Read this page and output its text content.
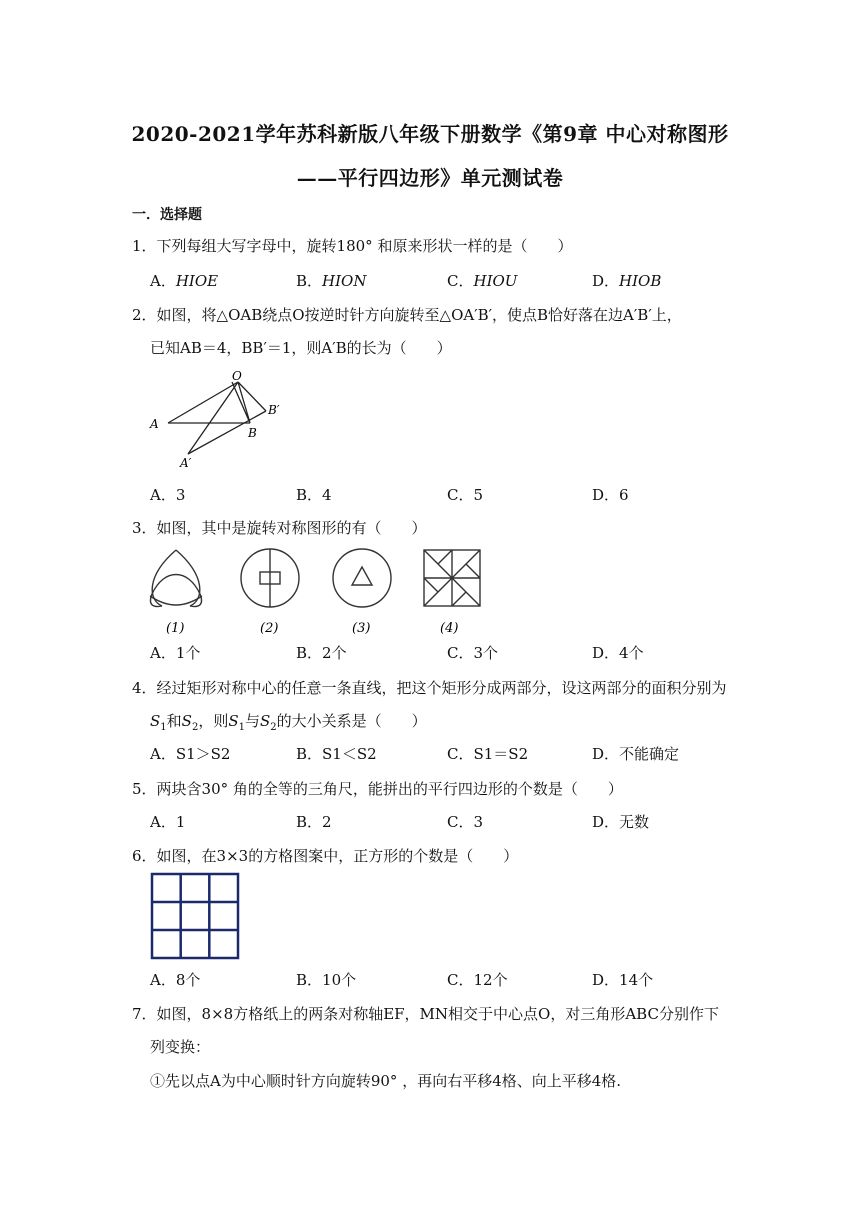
2020-2021学年苏科新版八年级下册数学《第9章 中心对称图形
——平行四边形》单元测试卷
一．选择题
1．下列每组大写字母中，旋转180° 和原来形状一样的是（　　）
A．HIOE	B．HION	C．HIOU	D．HIOB
2．如图，将△OAB绕点O按逆时针方向旋转至△OA′B′，使点B恰好落在边A′B′上，
已知AB＝4，BB′＝1，则A′B的长为（　　）
O
A
B
B′
A′
A．3	B．4	C．5	D．6
3．如图，其中是旋转对称图形的有（　　）
(1)	(2)	(3)	(4)
A．1个	B．2个	C．3个	D．4个
4．经过矩形对称中心的任意一条直线，把这个矩形分成两部分，设这两部分的面积分别为
$S_1$和$S_2$，则$S_1$与$S_2$的大小关系是（　　）
A．S1＞S2	B．S1＜S2	C．S1＝S2	D．不能确定
5．两块含30° 角的全等的三角尺，能拼出的平行四边形的个数是（　　）
A．1	B．2	C．3	D．无数
6．如图，在3×3的方格图案中，正方形的个数是（　　）
A．8个	B．10个	C．12个	D．14个
7．如图，8×8方格纸上的两条对称轴EF，MN相交于中心点O，对三角形ABC分别作下
列变换：
①先以点A为中心顺时针方向旋转90° ，再向右平移4格、向上平移4格.
